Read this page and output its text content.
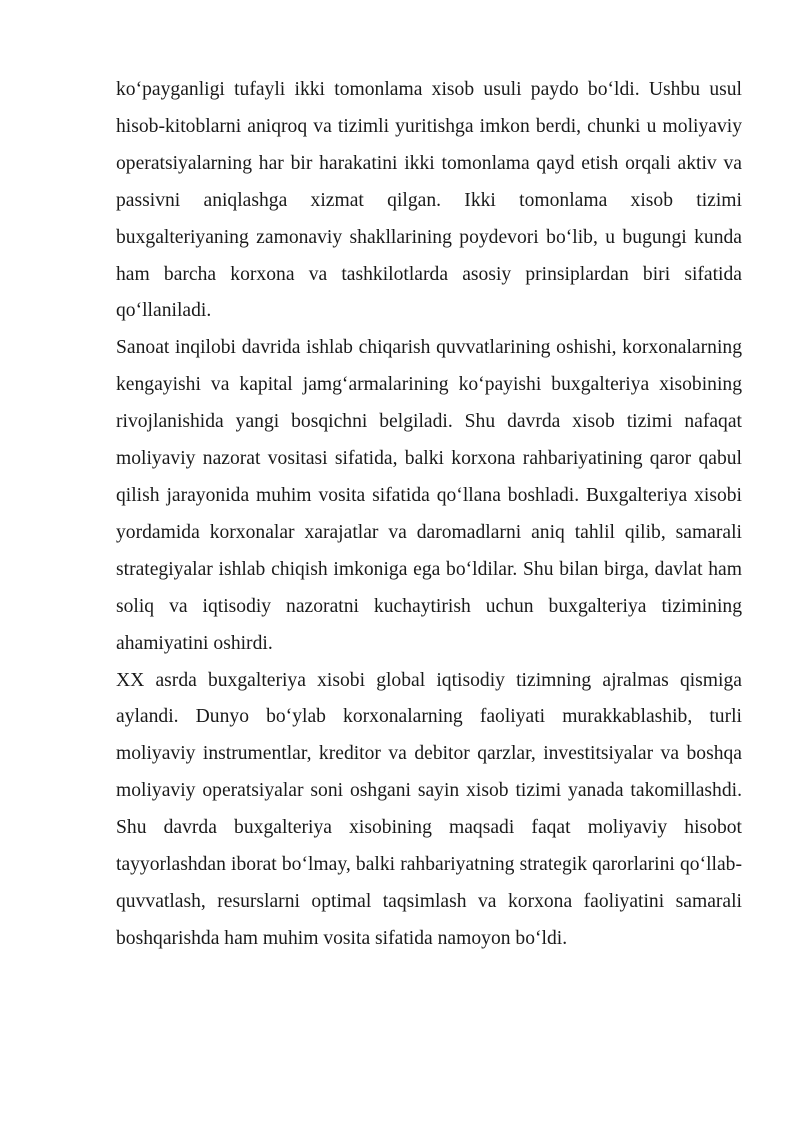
ko‘payganligi tufayli ikki tomonlama xisob usuli paydo bo‘ldi. Ushbu usul hisob-kitoblarni aniqroq va tizimli yuritishga imkon berdi, chunki u moliyaviy operatsiyalarning har bir harakatini ikki tomonlama qayd etish orqali aktiv va passivni aniqlashga xizmat qilgan. Ikki tomonlama xisob tizimi buxgalteriyaning zamonaviy shakllarining poydevori bo‘lib, u bugungi kunda ham barcha korxona va tashkilotlarda asosiy prinsiplardan biri sifatida qo‘llaniladi.

Sanoat inqilobi davrida ishlab chiqarish quvvatlarining oshishi, korxonalarning kengayishi va kapital jamg‘armalarining ko‘payishi buxgalteriya xisobining rivojlanishida yangi bosqichni belgiladi. Shu davrda xisob tizimi nafaqat moliyaviy nazorat vositasi sifatida, balki korxona rahbariyatining qaror qabul qilish jarayonida muhim vosita sifatida qo‘llana boshladi. Buxgalteriya xisobi yordamida korxonalar xarajatlar va daromadlarni aniq tahlil qilib, samarali strategiyalar ishlab chiqish imkoniga ega bo‘ldilar. Shu bilan birga, davlat ham soliq va iqtisodiy nazoratni kuchaytirish uchun buxgalteriya tizimining ahamiyatini oshirdi.

XX asrda buxgalteriya xisobi global iqtisodiy tizimning ajralmas qismiga aylandi. Dunyo bo‘ylab korxonalarning faoliyati murakkablashib, turli moliyaviy instrumentlar, kreditor va debitor qarzlar, investitsiyalar va boshqa moliyaviy operatsiyalar soni oshgani sayin xisob tizimi yanada takomillashdi. Shu davrda buxgalteriya xisobining maqsadi faqat moliyaviy hisobot tayyorlashdan iborat bo‘lmay, balki rahbariyatning strategik qarorlarini qo‘llab-quvvatlash, resurslarni optimal taqsimlash va korxona faoliyatini samarali boshqarishda ham muhim vosita sifatida namoyon bo‘ldi.
